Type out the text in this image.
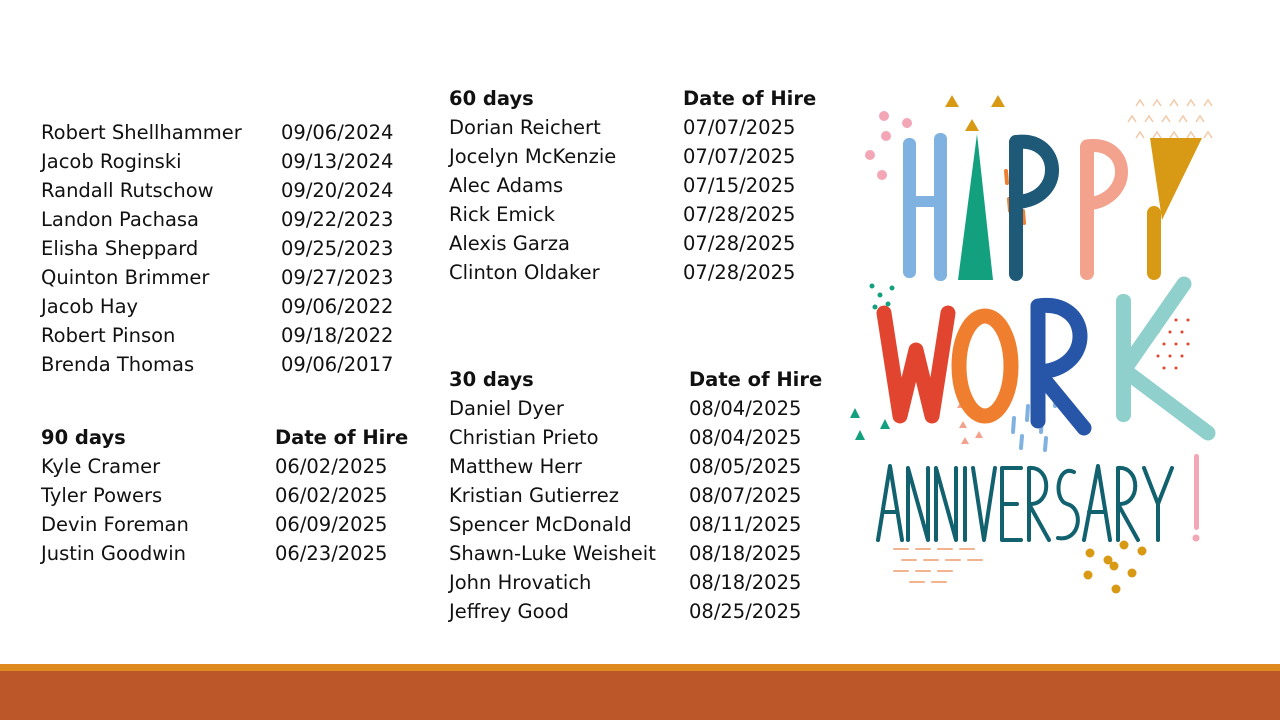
Robert Shellhammer	09/06/2024
Jacob Roginski	09/13/2024
Randall Rutschow	09/20/2024
Landon Pachasa	09/22/2023
Elisha Sheppard	09/25/2023
Quinton Brimmer	09/27/2023
Jacob Hay	09/06/2022
Robert Pinson	09/18/2022
Brenda Thomas	09/06/2017
90 days	Date of Hire
Kyle Cramer	06/02/2025
Tyler Powers	06/02/2025
Devin Foreman	06/09/2025
Justin Goodwin	06/23/2025
60 days	Date of Hire
Dorian Reichert	07/07/2025
Jocelyn McKenzie	07/07/2025
Alec Adams	07/15/2025
Rick Emick	07/28/2025
Alexis Garza	07/28/2025
Clinton Oldaker	07/28/2025
30 days	Date of Hire
Daniel Dyer	08/04/2025
Christian Prieto	08/04/2025
Matthew Herr	08/05/2025
Kristian Gutierrez	08/07/2025
Spencer McDonald	08/11/2025
Shawn-Luke Weisheit	08/18/2025
John Hrovatich	08/18/2025
Jeffrey Good	08/25/2025
